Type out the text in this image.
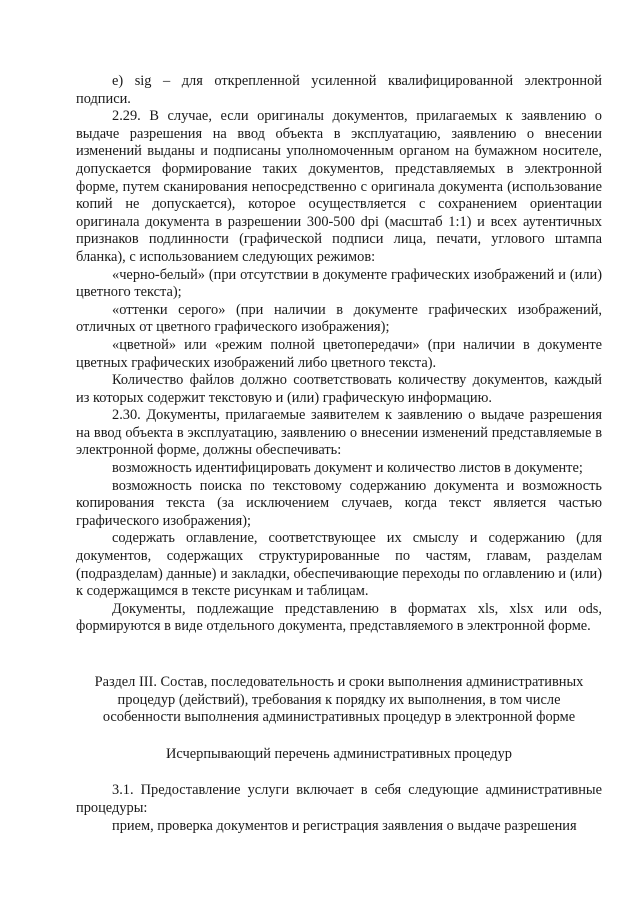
е) sig – для открепленной усиленной квалифицированной электронной подписи.

2.29. В случае, если оригиналы документов, прилагаемых к заявлению о выдаче разрешения на ввод объекта в эксплуатацию, заявлению о внесении изменений выданы и подписаны уполномоченным органом на бумажном носителе, допускается формирование таких документов, представляемых в электронной форме, путем сканирования непосредственно с оригинала документа (использование копий не допускается), которое осуществляется с сохранением ориентации оригинала документа в разрешении 300-500 dpi (масштаб 1:1) и всех аутентичных признаков подлинности (графической подписи лица, печати, углового штампа бланка), с использованием следующих режимов:

«черно-белый» (при отсутствии в документе графических изображений и (или) цветного текста);

«оттенки серого» (при наличии в документе графических изображений, отличных от цветного графического изображения);

«цветной» или «режим полной цветопередачи» (при наличии в документе цветных графических изображений либо цветного текста).

Количество файлов должно соответствовать количеству документов, каждый из которых содержит текстовую и (или) графическую информацию.

2.30. Документы, прилагаемые заявителем к заявлению о выдаче разрешения на ввод объекта в эксплуатацию, заявлению о внесении изменений представляемые в электронной форме, должны обеспечивать:

возможность идентифицировать документ и количество листов в документе;

возможность поиска по текстовому содержанию документа и возможность копирования текста (за исключением случаев, когда текст является частью графического изображения);

содержать оглавление, соответствующее их смыслу и содержанию (для документов, содержащих структурированные по частям, главам, разделам (подразделам) данные) и закладки, обеспечивающие переходы по оглавлению и (или) к содержащимся в тексте рисункам и таблицам.

Документы, подлежащие представлению в форматах xls, xlsx или ods, формируются в виде отдельного документа, представляемого в электронной форме.

Раздел III. Состав, последовательность и сроки выполнения административных процедур (действий), требования к порядку их выполнения, в том числе особенности выполнения административных процедур в электронной форме

Исчерпывающий перечень административных процедур

3.1. Предоставление услуги включает в себя следующие административные процедуры:

прием, проверка документов и регистрация заявления о выдаче разрешения
